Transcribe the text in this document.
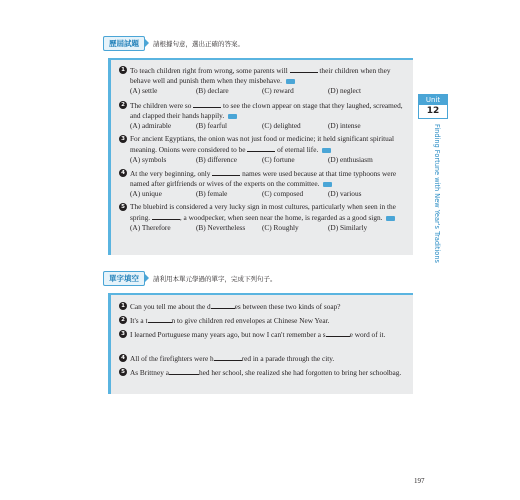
歷屆試題	請根據句意，選出正確的答案。
1 To teach children right from wrong, some parents will	their children when they behave well and punish them when they misbehave.
(A) settle	(B) declare	(C) reward	(D) neglect
2 The children were so	to see the clown appear on stage that they laughed, screamed, and clapped their hands happily.
(A) admirable	(B) fearful	(C) delighted	(D) intense
3 For ancient Egyptians, the onion was not just food or medicine; it held significant spiritual meaning. Onions were considered to be	of eternal life.
(A) symbols	(B) difference	(C) fortune	(D) enthusiasm
4 At the very beginning, only	names were used because at that time typhoons were named after girlfriends or wives of the experts on the committee.
(A) unique	(B) female	(C) composed	(D) various
5 The bluebird is considered a very lucky sign in most cultures, particularly when seen in the spring.	, a woodpecker, when seen near the home, is regarded as a good sign.
(A) Therefore	(B) Nevertheless	(C) Roughly	(D) Similarly
單字填空	請利用本單元學過的單字，完成下列句子。
1 Can you tell me about the d	es between these two kinds of soap?
2 It's a t	n to give children red envelopes at Chinese New Year.
3 I learned Portuguese many years ago, but now I can't remember a s	e word of it.
4 All of the firefighters were h	red in a parade through the city.
5 As Brittney a	hed her school, she realized she had forgotten to bring her schoolbag.
Unit
12
Finding Fortune with New Year's Traditions
197
